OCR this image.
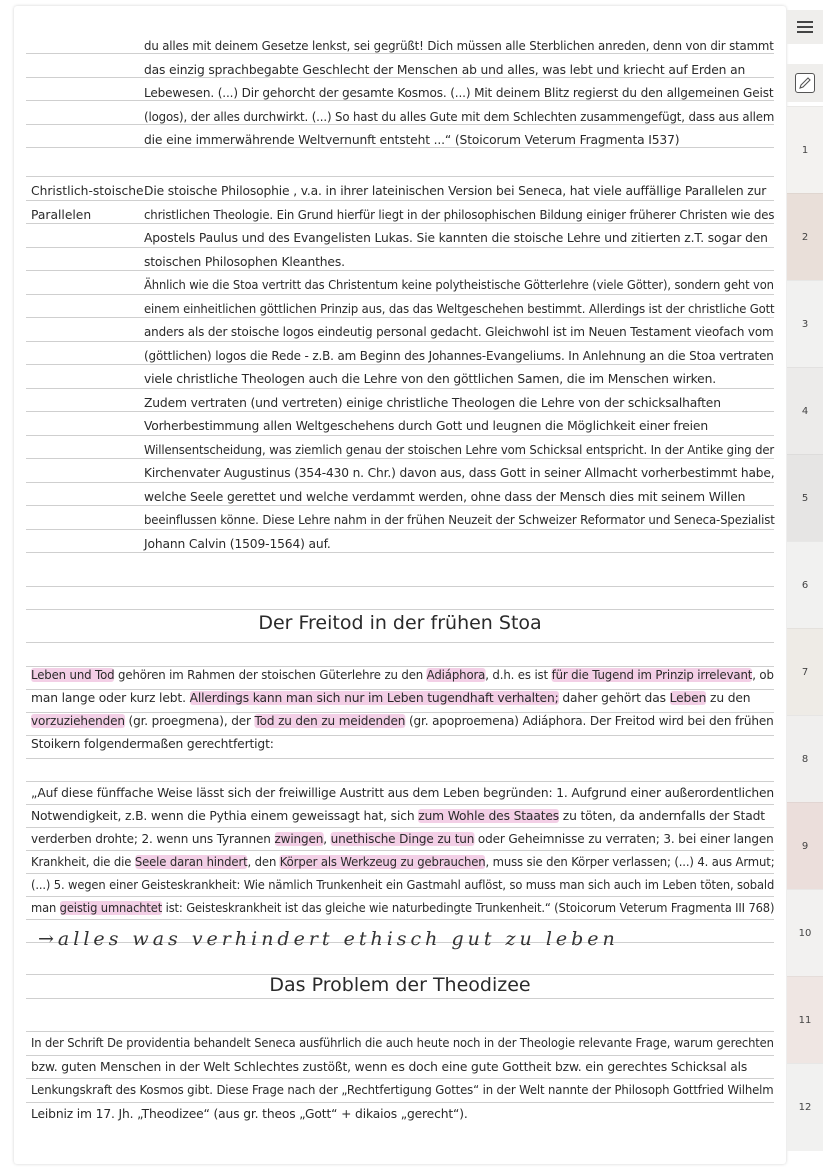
du alles mit deinem Gesetze lenkst, sei gegrüßt! Dich müssen alle Sterblichen anreden, denn von dir stammt
das einzig sprachbegabte Geschlecht der Menschen ab und alles, was lebt und kriecht auf Erden an
Lebewesen. (...) Dir gehorcht der gesamte Kosmos. (...) Mit deinem Blitz regierst du den allgemeinen Geist
(logos), der alles durchwirkt. (...) So hast du alles Gute mit dem Schlechten zusammengefügt, dass aus allem
die eine immerwährende Weltvernunft entsteht ...“ (Stoicorum Veterum Fragmenta I537)
Christlich-stoische
Parallelen
Die stoische Philosophie , v.a. in ihrer lateinischen Version bei Seneca, hat viele auffällige Parallelen zur
christlichen Theologie. Ein Grund hierfür liegt in der philosophischen Bildung einiger früherer Christen wie des
Apostels Paulus und des Evangelisten Lukas. Sie kannten die stoische Lehre und zitierten z.T. sogar den
stoischen Philosophen Kleanthes.
Ähnlich wie die Stoa vertritt das Christentum keine polytheistische Götterlehre (viele Götter), sondern geht von
einem einheitlichen göttlichen Prinzip aus, das das Weltgeschehen bestimmt. Allerdings ist der christliche Gott
anders als der stoische logos eindeutig personal gedacht. Gleichwohl ist im Neuen Testament vieofach vom
(göttlichen) logos die Rede - z.B. am Beginn des Johannes-Evangeliums. In Anlehnung an die Stoa vertraten
viele christliche Theologen auch die Lehre von den göttlichen Samen, die im Menschen wirken.
Zudem vertraten (und vertreten) einige christliche Theologen die Lehre von der schicksalhaften
Vorherbestimmung allen Weltgeschehens durch Gott und leugnen die Möglichkeit einer freien
Willensentscheidung, was ziemlich genau der stoischen Lehre vom Schicksal entspricht. In der Antike ging der
Kirchenvater Augustinus (354-430 n. Chr.) davon aus, dass Gott in seiner Allmacht vorherbestimmt habe,
welche Seele gerettet und welche verdammt werden, ohne dass der Mensch dies mit seinem Willen
beeinflussen könne. Diese Lehre nahm in der frühen Neuzeit der Schweizer Reformator und Seneca-Spezialist
Johann Calvin (1509-1564) auf.
Der Freitod in der frühen Stoa
Leben und Tod gehören im Rahmen der stoischen Güterlehre zu den Adiáphora, d.h. es ist für die Tugend im Prinzip irrelevant, ob
man lange oder kurz lebt. Allerdings kann man sich nur im Leben tugendhaft verhalten; daher gehört das Leben zu den
vorzuziehenden (gr. proegmena), der Tod zu den zu meidenden (gr. apoproemena) Adiáphora. Der Freitod wird bei den frühen
Stoikern folgendermaßen gerechtfertigt:
„Auf diese fünffache Weise lässt sich der freiwillige Austritt aus dem Leben begründen: 1. Aufgrund einer außerordentlichen
Notwendigkeit, z.B. wenn die Pythia einem geweissagt hat, sich zum Wohle des Staates zu töten, da andernfalls der Stadt
verderben drohte; 2. wenn uns Tyrannen zwingen, unethische Dinge zu tun oder Geheimnisse zu verraten; 3. bei einer langen
Krankheit, die die Seele daran hindert, den Körper als Werkzeug zu gebrauchen, muss sie den Körper verlassen; (...) 4. aus Armut;
(...) 5. wegen einer Geisteskrankheit: Wie nämlich Trunkenheit ein Gastmahl auflöst, so muss man sich auch im Leben töten, sobald
man geistig umnachtet ist: Geisteskrankheit ist das gleiche wie naturbedingte Trunkenheit.“ (Stoicorum Veterum Fragmenta III 768)
→alles was verhindert ethisch gut zu leben
Das Problem der Theodizee
In der Schrift De providentia behandelt Seneca ausführlich die auch heute noch in der Theologie relevante Frage, warum gerechten
bzw. guten Menschen in der Welt Schlechtes zustößt, wenn es doch eine gute Gottheit bzw. ein gerechtes Schicksal als
Lenkungskraft des Kosmos gibt. Diese Frage nach der „Rechtfertigung Gottes“ in der Welt nannte der Philosoph Gottfried Wilhelm
Leibniz im 17. Jh. „Theodizee“ (aus gr. theos „Gott“ + dikaios „gerecht“).
1
2
3
4
5
6
7
8
9
10
11
12
